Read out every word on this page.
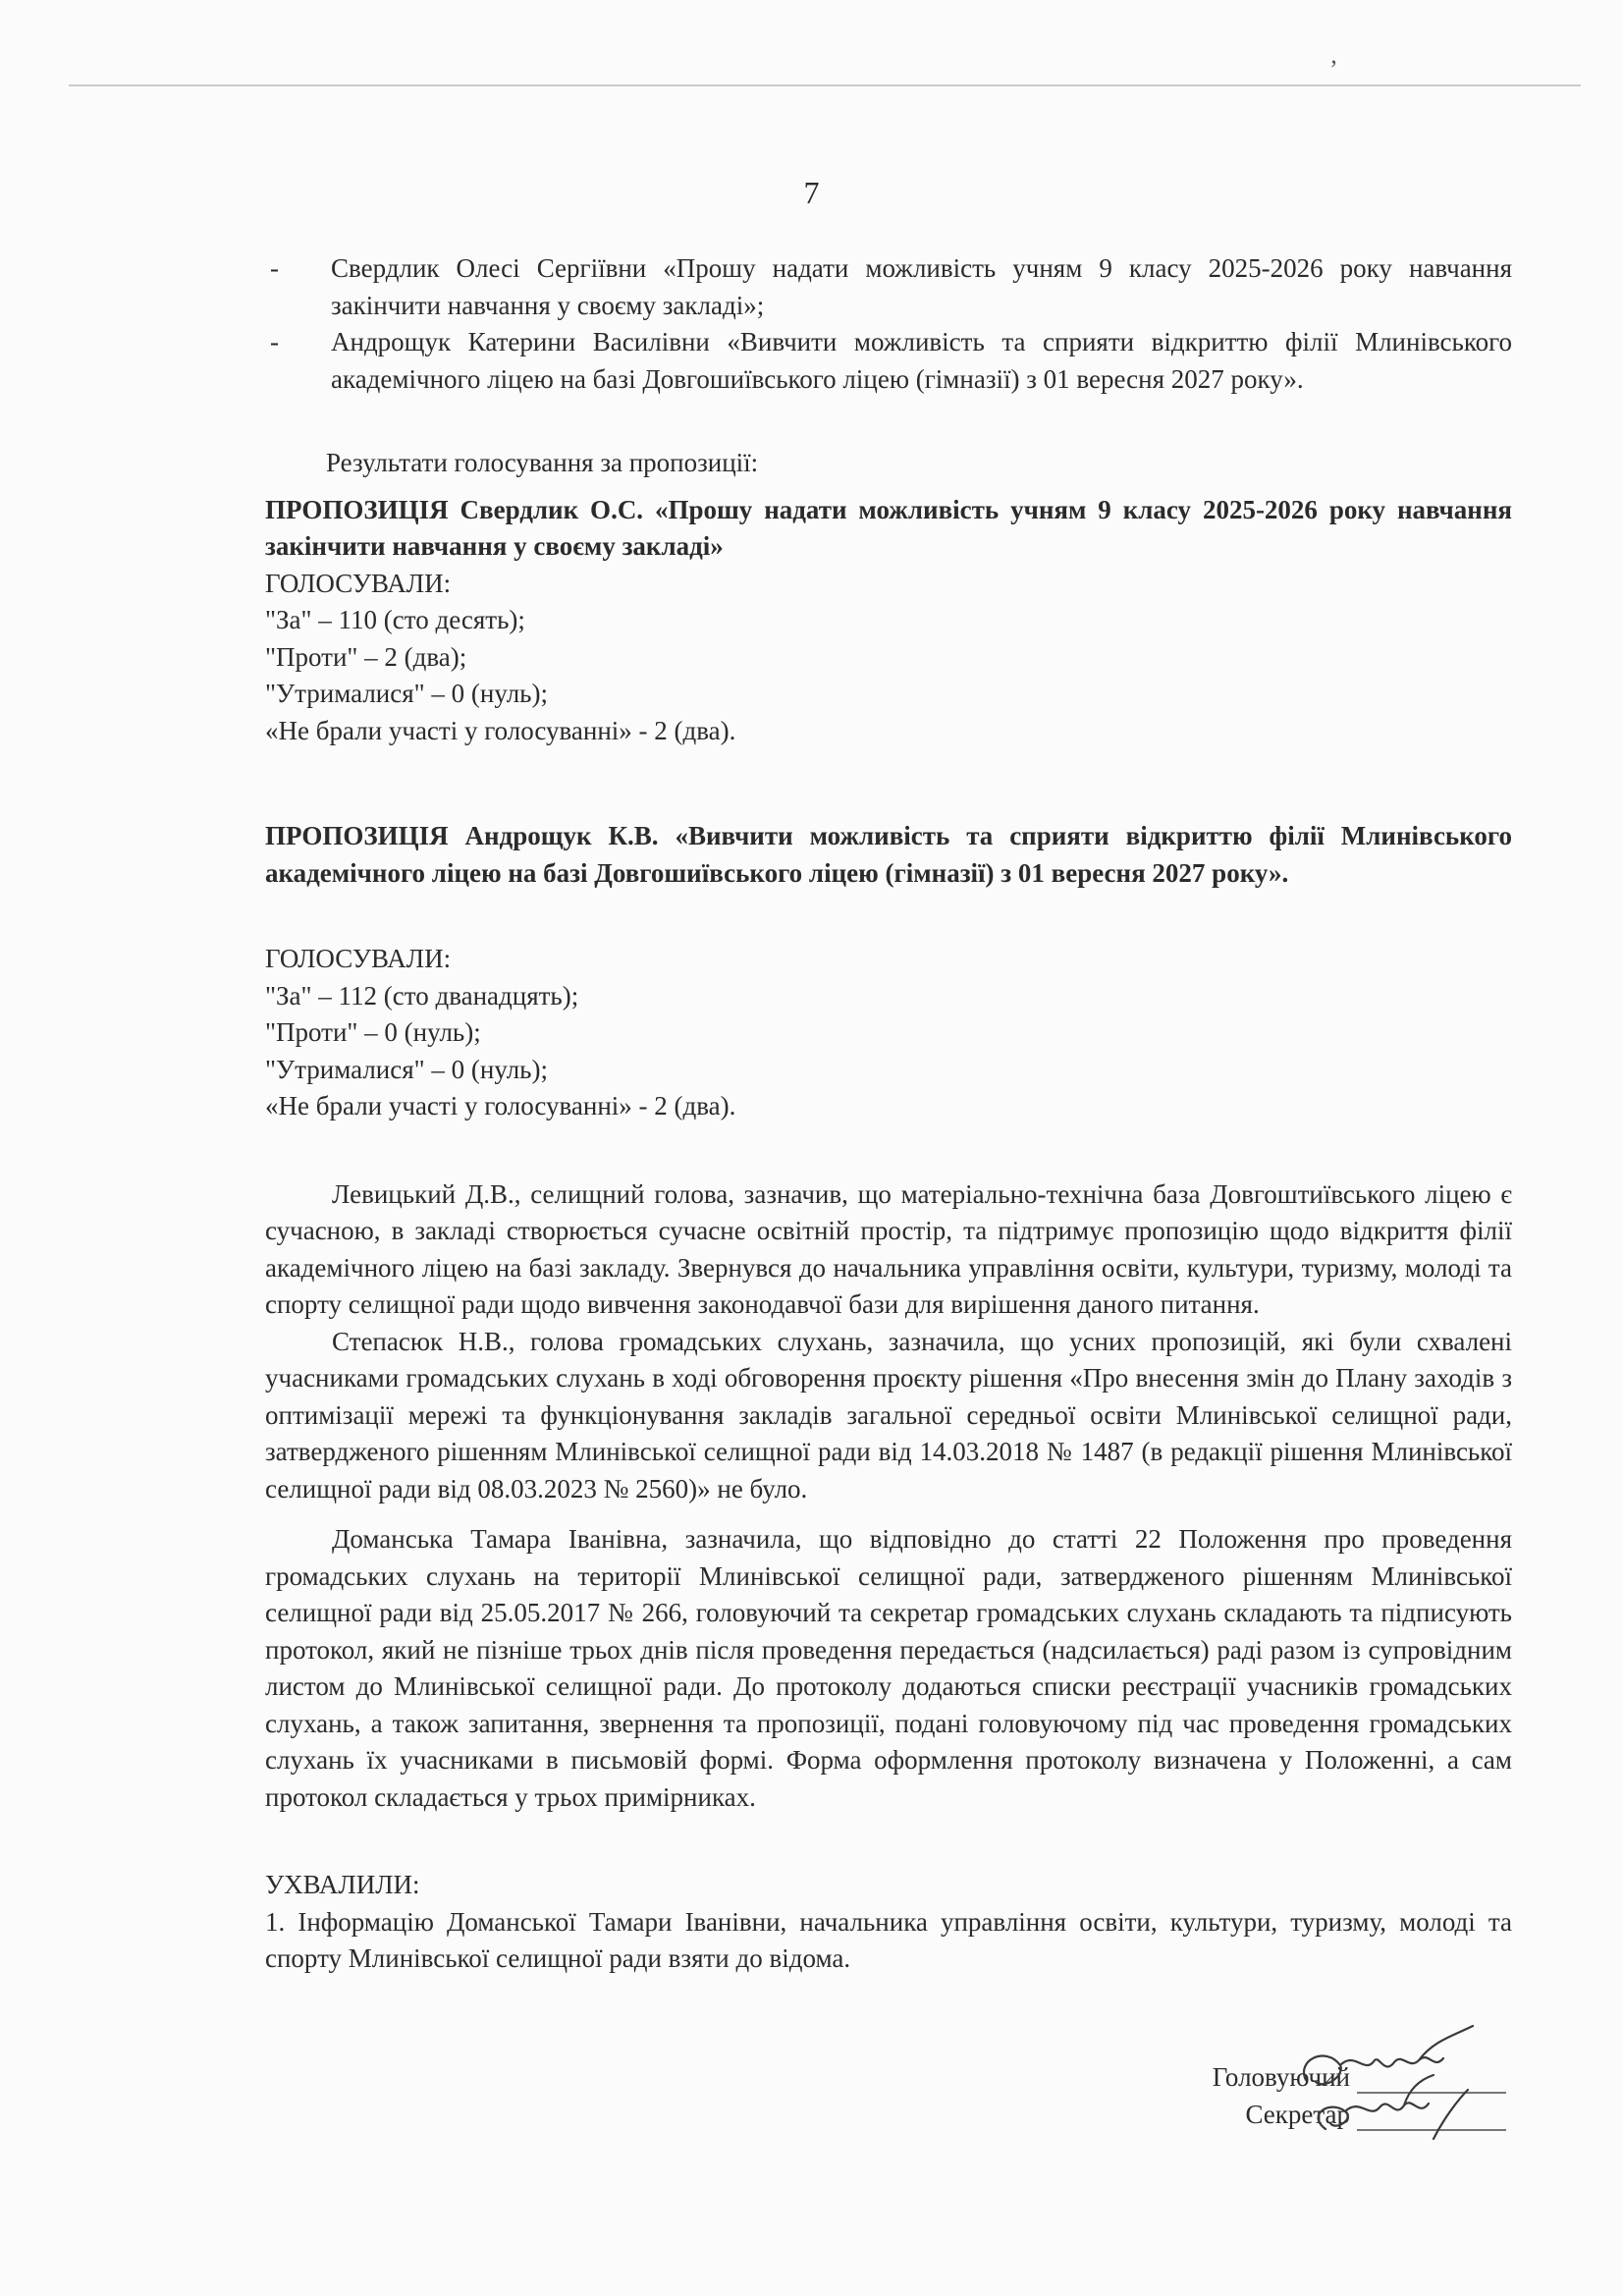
’
7
- Свердлик Олесі Сергіївни «Прошу надати можливість учням 9 класу 2025-2026 року навчання закінчити навчання у своєму закладі»;
- Андрощук Катерини Василівни «Вивчити можливість та сприяти відкриттю філії Млинівського академічного ліцею на базі Довгошиївського ліцею (гімназії) з 01 вересня 2027 року».

Результати голосування за пропозиції:

ПРОПОЗИЦІЯ Свердлик О.С. «Прошу надати можливість учням 9 класу 2025-2026 року навчання закінчити навчання у своєму закладі»

ГОЛОСУВАЛИ:

"За" – 110 (сто десять);

"Проти" – 2 (два);

"Утрималися" – 0 (нуль);

«Не брали участі у голосуванні» - 2 (два).

ПРОПОЗИЦІЯ Андрощук К.В. «Вивчити можливість та сприяти відкриттю філії Млинівського академічного ліцею на базі Довгошиївського ліцею (гімназії) з 01 вересня 2027 року».

ГОЛОСУВАЛИ:

"За" – 112 (сто дванадцять);

"Проти" – 0 (нуль);

"Утрималися" – 0 (нуль);

«Не брали участі у голосуванні» - 2 (два).

Левицький Д.В., селищний голова, зазначив, що матеріально-технічна база Довгоштиївського ліцею є сучасною, в закладі створюється сучасне освітній простір, та підтримує пропозицію щодо відкриття філії академічного ліцею на базі закладу. Звернувся до начальника управління освіти, культури, туризму, молоді та спорту селищної ради щодо вивчення законодавчої бази для вирішення даного питання.

Степасюк Н.В., голова громадських слухань, зазначила, що усних пропозицій, які були схвалені учасниками громадських слухань в ході обговорення проєкту рішення «Про внесення змін до Плану заходів з оптимізації мережі та функціонування закладів загальної середньої освіти Млинівської селищної ради, затвердженого рішенням Млинівської селищної ради від 14.03.2018 № 1487 (в редакції рішення Млинівської селищної ради від 08.03.2023 № 2560)» не було.

Доманська Тамара Іванівна, зазначила, що відповідно до статті 22 Положення про проведення громадських слухань на території Млинівської селищної ради, затвердженого рішенням Млинівської селищної ради від 25.05.2017 № 266, головуючий та секретар громадських слухань складають та підписують протокол, який не пізніше трьох днів після проведення передається (надсилається) раді разом із супровідним листом до Млинівської селищної ради. До протоколу додаються списки реєстрації учасників громадських слухань, а також запитання, звернення та пропозиції, подані головуючому під час проведення громадських слухань їх учасниками в письмовій формі. Форма оформлення протоколу визначена у Положенні, а сам протокол складається у трьох примірниках.

УХВАЛИЛИ:

1. Інформацію Доманської Тамари Іванівни, начальника управління освіти, культури, туризму, молоді та спорту Млинівської селищної ради взяти до відома.

Головуючий
Секретар
